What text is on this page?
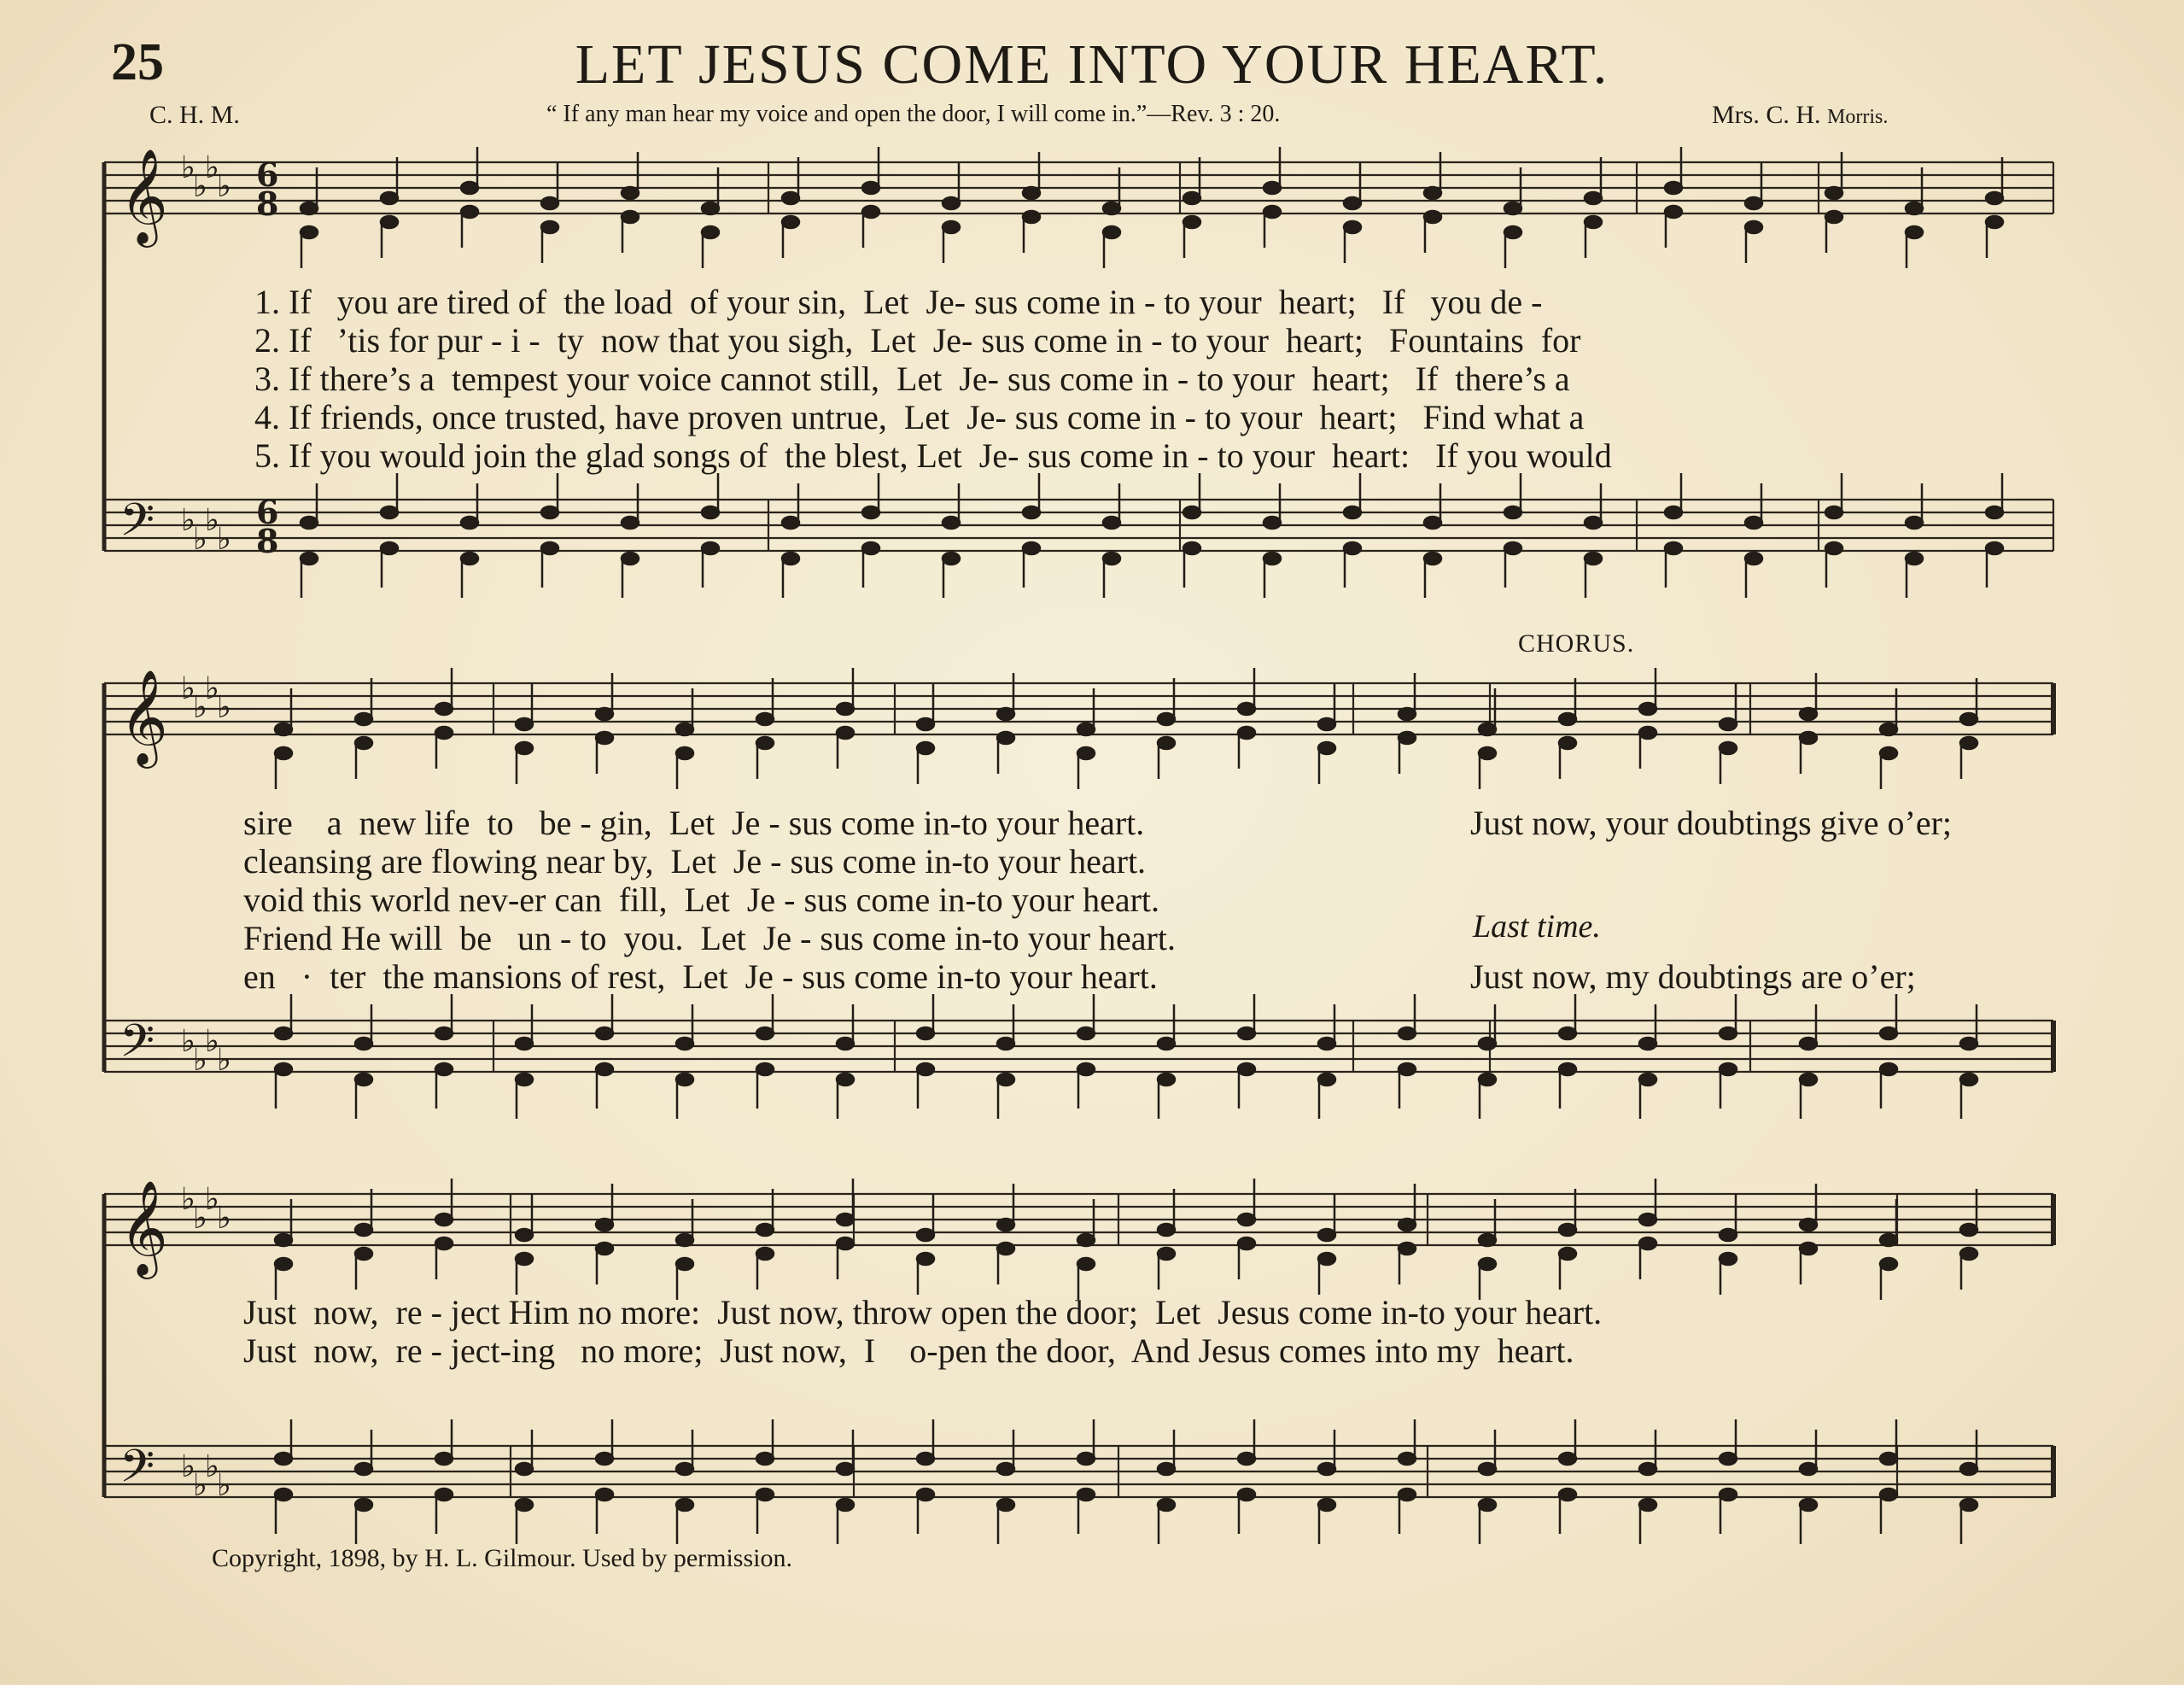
25	LET JESUS COME INTO YOUR HEART.
C. H. M.	“ If any man hear my voice and open the door, I will come in.”—Rev. 3 : 20.	Mrs. C. H. Morris.
𝄞 ♭
♭
♭
♭ 6
8
𝄢 ♭
♭
♭
♭
6
8
𝄞 ♭
♭
♭
♭
𝄢 ♭
♭
♭
♭
𝄞 ♭
♭
♭
♭
𝄢 ♭
♭
♭
♭
1. If   you are tired of  the load  of your sin,  Let  Je- sus come in - to your  heart;   If   you de -
2. If   ’tis for pur - i -  ty  now that you sigh,  Let  Je- sus come in - to your  heart;   Fountains  for
3. If there’s a  tempest your voice cannot still,  Let  Je- sus come in - to your  heart;   If  there’s a
4. If friends, once trusted, have proven untrue,  Let  Je- sus come in - to your  heart;   Find what a
5. If you would join the glad songs of  the blest, Let  Je- sus come in - to your  heart:   If you would
CHORUS.
sire    a  new life  to   be - gin,  Let  Je - sus come in-to your heart.
cleansing are flowing near by,  Let  Je - sus come in-to your heart.
void this world nev-er can  fill,  Let  Je - sus come in-to your heart.
Friend He will  be   un - to  you.  Let  Je - sus come in-to your heart.
en   ·  ter  the mansions of rest,  Let  Je - sus come in-to your heart.
Just now, your doubtings give o’er;
Last time.
Just now, my doubtings are o’er;
Just  now,  re - ject Him no more:  Just now, throw open the door;  Let  Jesus come in-to your heart.
Just  now,  re - ject-ing   no more;  Just now,  I    o-pen the door,  And Jesus comes into my  heart.
Copyright, 1898, by H. L. Gilmour. Used by permission.
